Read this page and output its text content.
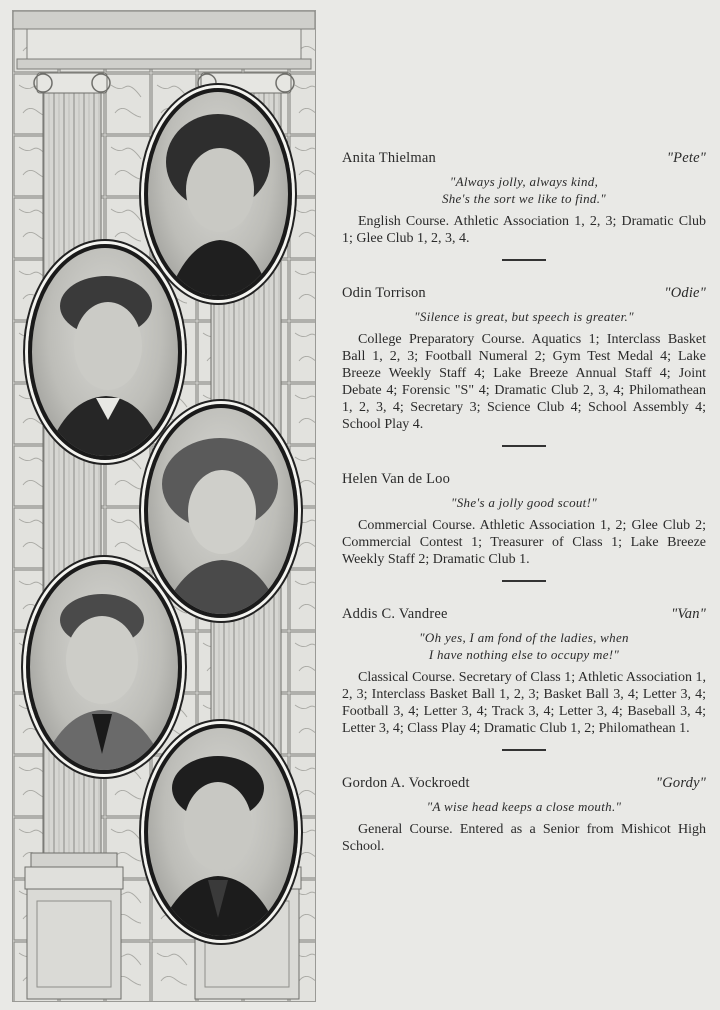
Anita Thielman	"Pete"
"Always jolly, always kind,
She's the sort we like to find."
English Course. Athletic Association 1, 2, 3; Dramatic Club 1; Glee Club 1, 2, 3, 4.
Odin Torrison	"Odie"
"Silence is great, but speech is greater."
College Preparatory Course. Aquatics 1; Interclass Basket Ball 1, 2, 3; Football Numeral 2; Gym Test Medal 4; Lake Breeze Weekly Staff 4; Lake Breeze Annual Staff 4; Joint Debate 4; Forensic "S" 4; Dramatic Club 2, 3, 4; Philomathean 1, 2, 3, 4; Secretary 3; Science Club 4; School Assembly 4; School Play 4.
Helen Van de Loo
"She's a jolly good scout!"
Commercial Course. Athletic Association 1, 2; Glee Club 2; Commercial Contest 1; Treasurer of Class 1; Lake Breeze Weekly Staff 2; Dramatic Club 1.
Addis C. Vandree	"Van"
"Oh yes, I am fond of the ladies, when
I have nothing else to occupy me!"
Classical Course. Secretary of Class 1; Athletic Association 1, 2, 3; Interclass Basket Ball 1, 2, 3; Basket Ball 3, 4; Letter 3, 4; Football 3, 4; Letter 3, 4; Track 3, 4; Letter 3, 4; Baseball 3, 4; Letter 3, 4; Class Play 4; Dramatic Club 1, 2; Philomathean 1.
Gordon A. Vockroedt	"Gordy"
"A wise head keeps a close mouth."
General Course. Entered as a Senior from Mishicot High School.
